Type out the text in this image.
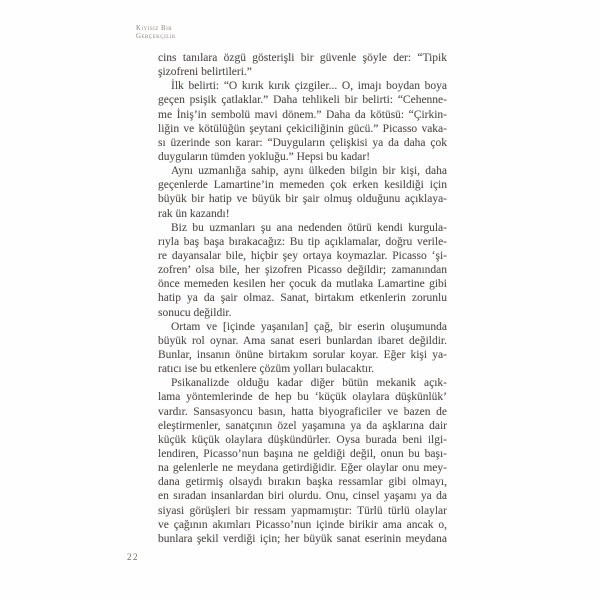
Kıyısız Bir
Gerçekçilik
cins tanılara özgü gösterişli bir güvenle şöyle der: “Tipik
şizofreni belirtileri.”
İlk belirti: “O kırık kırık çizgiler... O, imajı boydan boya
geçen psişik çatlaklar.” Daha tehlikeli bir belirti: “Cehenne-
me İniş’in sembolü mavi dönem.” Daha da kötüsü: “Çirkin-
liğin ve kötülüğün şeytani çekiciliğinin gücü.” Picasso vaka-
sı üzerinde son karar: “Duyguların çelişkisi ya da daha çok
duyguların tümden yokluğu.” Hepsi bu kadar!
Aynı uzmanlığa sahip, aynı ülkeden bilgin bir kişi, daha
geçenlerde Lamartine’in memeden çok erken kesildiği için
büyük bir hatip ve büyük bir şair olmuş olduğunu açıklaya-
rak ün kazandı!
Biz bu uzmanları şu ana nedenden ötürü kendi kurgula-
rıyla baş başa bırakacağız: Bu tip açıklamalar, doğru verile-
re dayansalar bile, hiçbir şey ortaya koymazlar. Picasso ‘şi-
zofren’ olsa bile, her şizofren Picasso değildir; zamanından
önce memeden kesilen her çocuk da mutlaka Lamartine gibi
hatip ya da şair olmaz. Sanat, birtakım etkenlerin zorunlu
sonucu değildir.
Ortam ve [içinde yaşanılan] çağ, bir eserin oluşumunda
büyük rol oynar. Ama sanat eseri bunlardan ibaret değildir.
Bunlar, insanın önüne birtakım sorular koyar. Eğer kişi ya-
ratıcı ise bu etkenlere çözüm yolları bulacaktır.
Psikanalizde olduğu kadar diğer bütün mekanik açık-
lama yöntemlerinde de hep bu ‘küçük olaylara düşkünlük’
vardır. Sansasyoncu basın, hatta biyograficiler ve bazen de
eleştirmenler, sanatçının özel yaşamına ya da aşklarına dair
küçük küçük olaylara düşkündürler. Oysa burada beni ilgi-
lendiren, Picasso’nun başına ne geldiği değil, onun bu başı-
na gelenlerle ne meydana getirdiğidir. Eğer olaylar onu mey-
dana getirmiş olsaydı bırakın başka ressamlar gibi olmayı,
en sıradan insanlardan biri olurdu. Onu, cinsel yaşamı ya da
siyasi görüşleri bir ressam yapmamıştır: Türlü türlü olaylar
ve çağının akımları Picasso’nun içinde birikir ama ancak o,
bunlara şekil verdiği için; her büyük sanat eserinin meydana
22
